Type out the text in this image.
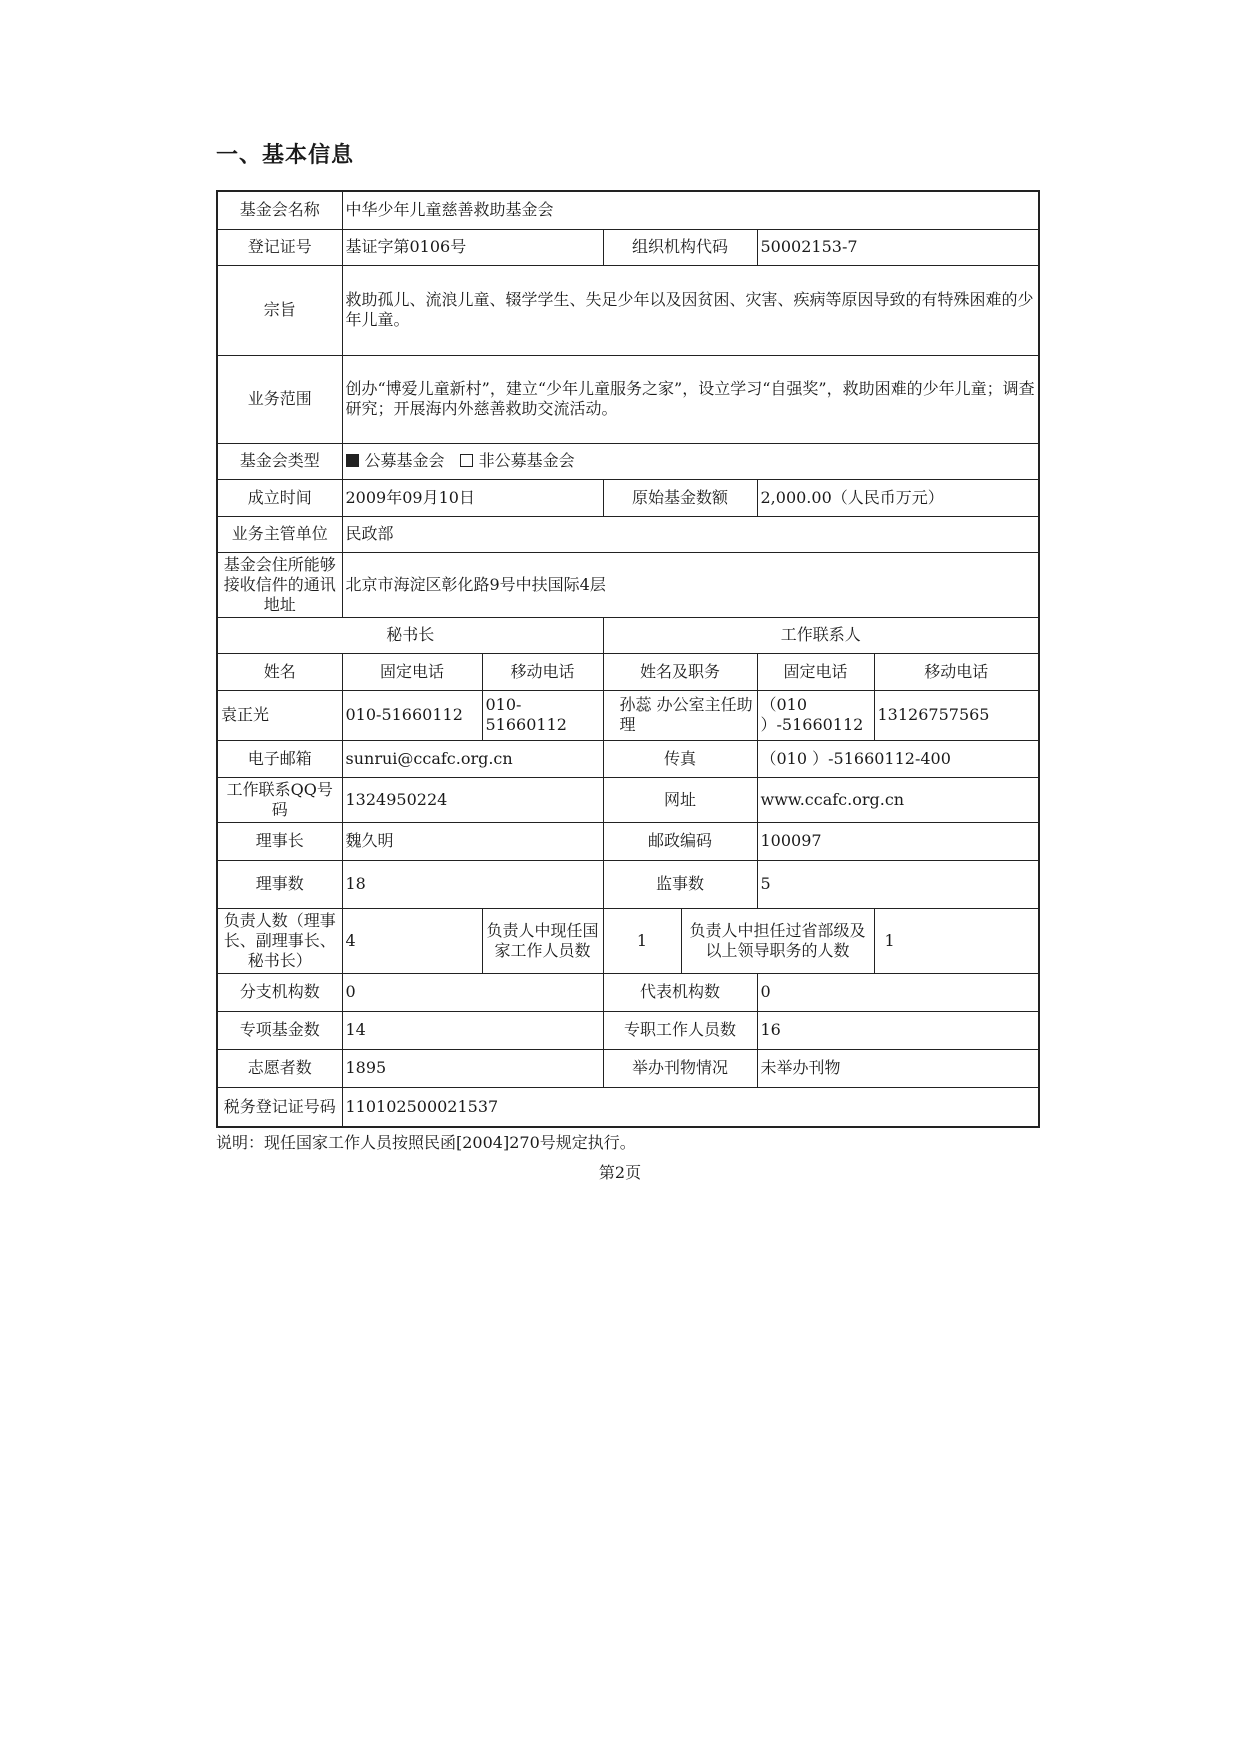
一、基本信息
基金会名称	中华少年儿童慈善救助基金会					
登记证号	基证字第0106号		组织机构代码		50002153-7	
宗旨	救助孤儿、流浪儿童、辍学学生、失足少年以及因贫困、灾害、疾病等原因导致的有特殊困难的少年儿童。					
业务范围	创办“博爱儿童新村”，建立“少年儿童服务之家”，设立学习“自强奖”，救助困难的少年儿童；调查研究；开展海内外慈善救助交流活动。					
基金会类型	公募基金会 非公募基金会					
成立时间	2009年09月10日		原始基金数额		2,000.00（人民币万元）	
业务主管单位	民政部					
基金会住所能够接收信件的通讯地址	北京市海淀区彰化路9号中扶国际4层					
秘书长			工作联系人			
姓名	固定电话	移动电话	姓名及职务		固定电话	移动电话
袁正光	010-51660112	010-51660112	孙蕊 办公室主任助理		（010 ）-51660112	13126757565
电子邮箱	sunrui@ccafc.org.cn		传真		（010 ）-51660112-400	
工作联系QQ号码	1324950224		网址		www.ccafc.org.cn	
理事长	魏久明		邮政编码		100097	
理事数	18		监事数		5	
负责人数（理事长、副理事长、秘书长）	4	负责人中现任国家工作人员数	1	负责人中担任过省部级及以上领导职务的人数		1
分支机构数	0		代表机构数		0	
专项基金数	14		专职工作人员数		16	
志愿者数	1895		举办刊物情况		未举办刊物	
税务登记证号码	110102500021537					
说明：现任国家工作人员按照民函[2004]270号规定执行。
第2页
